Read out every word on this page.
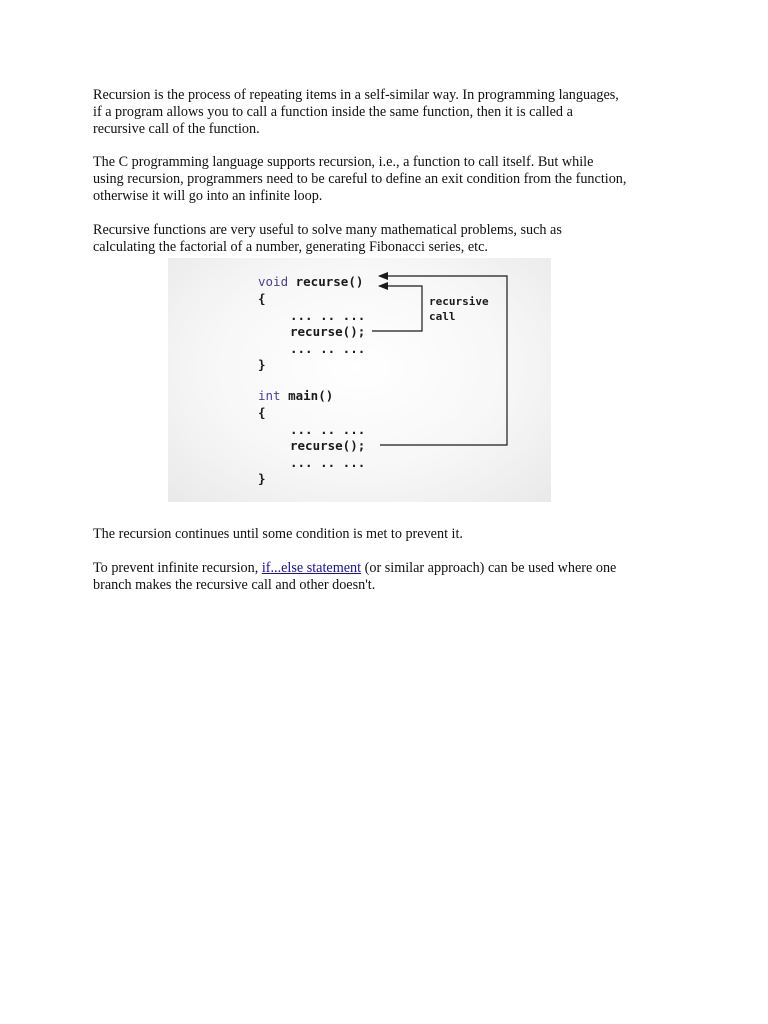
Recursion is the process of repeating items in a self-similar way. In programming languages,
if a program allows you to call a function inside the same function, then it is called a
recursive call of the function.

The C programming language supports recursion, i.e., a function to call itself. But while
using recursion, programmers need to be careful to define an exit condition from the function,
otherwise it will go into an infinite loop.

Recursive functions are very useful to solve many mathematical problems, such as
calculating the factorial of a number, generating Fibonacci series, etc.

void recurse()
{
... .. ...
recurse();
... .. ...
}
int main()
{
... .. ...
recurse();
... .. ...
}
recursive
call

The recursion continues until some condition is met to prevent it.

To prevent infinite recursion, if...else statement (or similar approach) can be used where one
branch makes the recursive call and other doesn't.
